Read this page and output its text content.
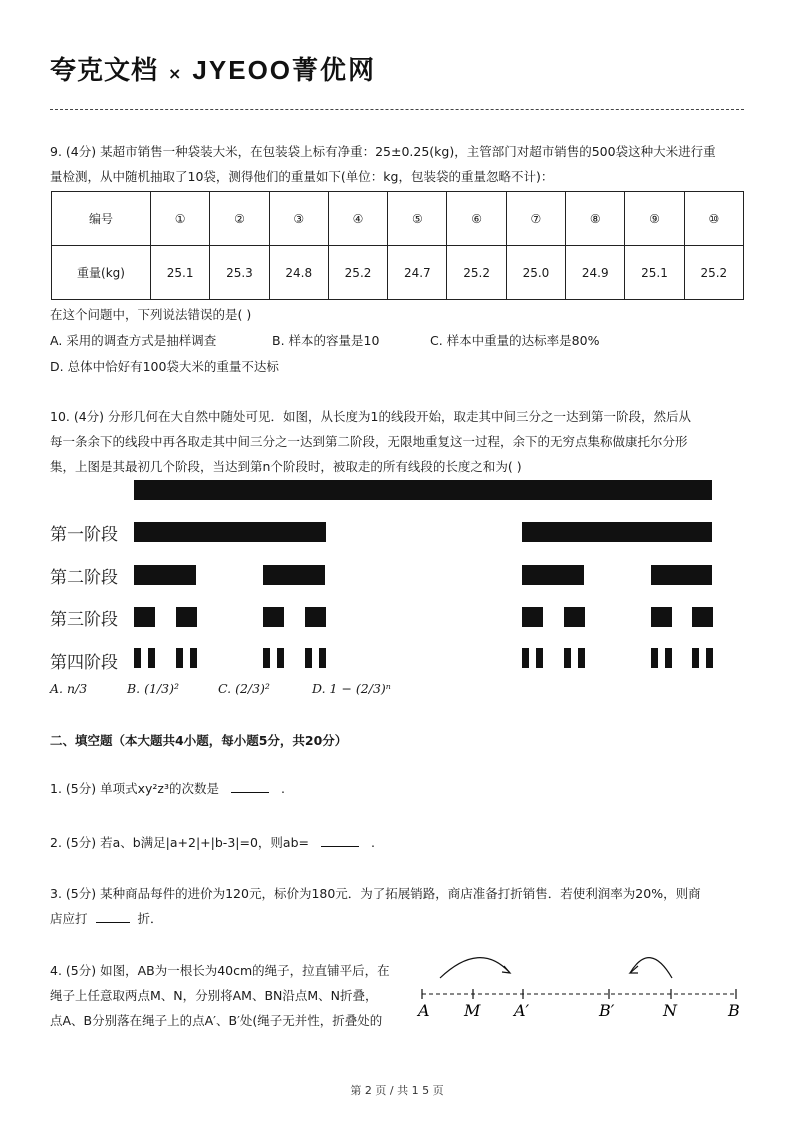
夸克文档 × JYEOO菁优网
9. (4分) 某超市销售一种袋装大米，在包装袋上标有净重：25±0.25(kg)，主管部门对超市销售的500袋这种大米进行重
量检测，从中随机抽取了10袋，测得他们的重量如下(单位：kg，包装袋的重量忽略不计)：
编号	①	②	③	④	⑤	⑥	⑦	⑧	⑨	⑩
重量(kg)	25.1	25.3	24.8	25.2	24.7	25.2	25.0	24.9	25.1	25.2
在这个问题中，下列说法错误的是( )
A. 采用的调查方式是抽样调查	B. 样本的容量是10	C. 样本中重量的达标率是80%
D. 总体中恰好有100袋大米的重量不达标
10. (4分) 分形几何在大自然中随处可见．如图，从长度为1的线段开始，取走其中间三分之一达到第一阶段，然后从
每一条余下的线段中再各取走其中间三分之一达到第二阶段，无限地重复这一过程，余下的无穷点集称做康托尔分形
集，上图是其最初几个阶段，当达到第n个阶段时，被取走的所有线段的长度之和为( )
第一阶段
第二阶段
第三阶段
第四阶段
A. n/3	B. (1/3)²	C. (2/3)²	D. 1 − (2/3)ⁿ
二、填空题（本大题共4小题，每小题5分，共20分）
1. (5分) 单项式xy²z³的次数是	.
2. (5分) 若a、b满足|a+2|+|b-3|=0，则ab=	.
3. (5分) 某种商品每件的进价为120元，标价为180元．为了拓展销路，商店准备打折销售．若使利润率为20%，则商
店应打	折．
4. (5分) 如图，AB为一根长为40cm的绳子，拉直铺平后，在
绳子上任意取两点M、N，分别将AM、BN沿点M、N折叠，
点A、B分别落在绳子上的点A′、B′处(绳子无并性，折叠处的
A M A′	B′	N	B
第 2 页 / 共 1 5 页
